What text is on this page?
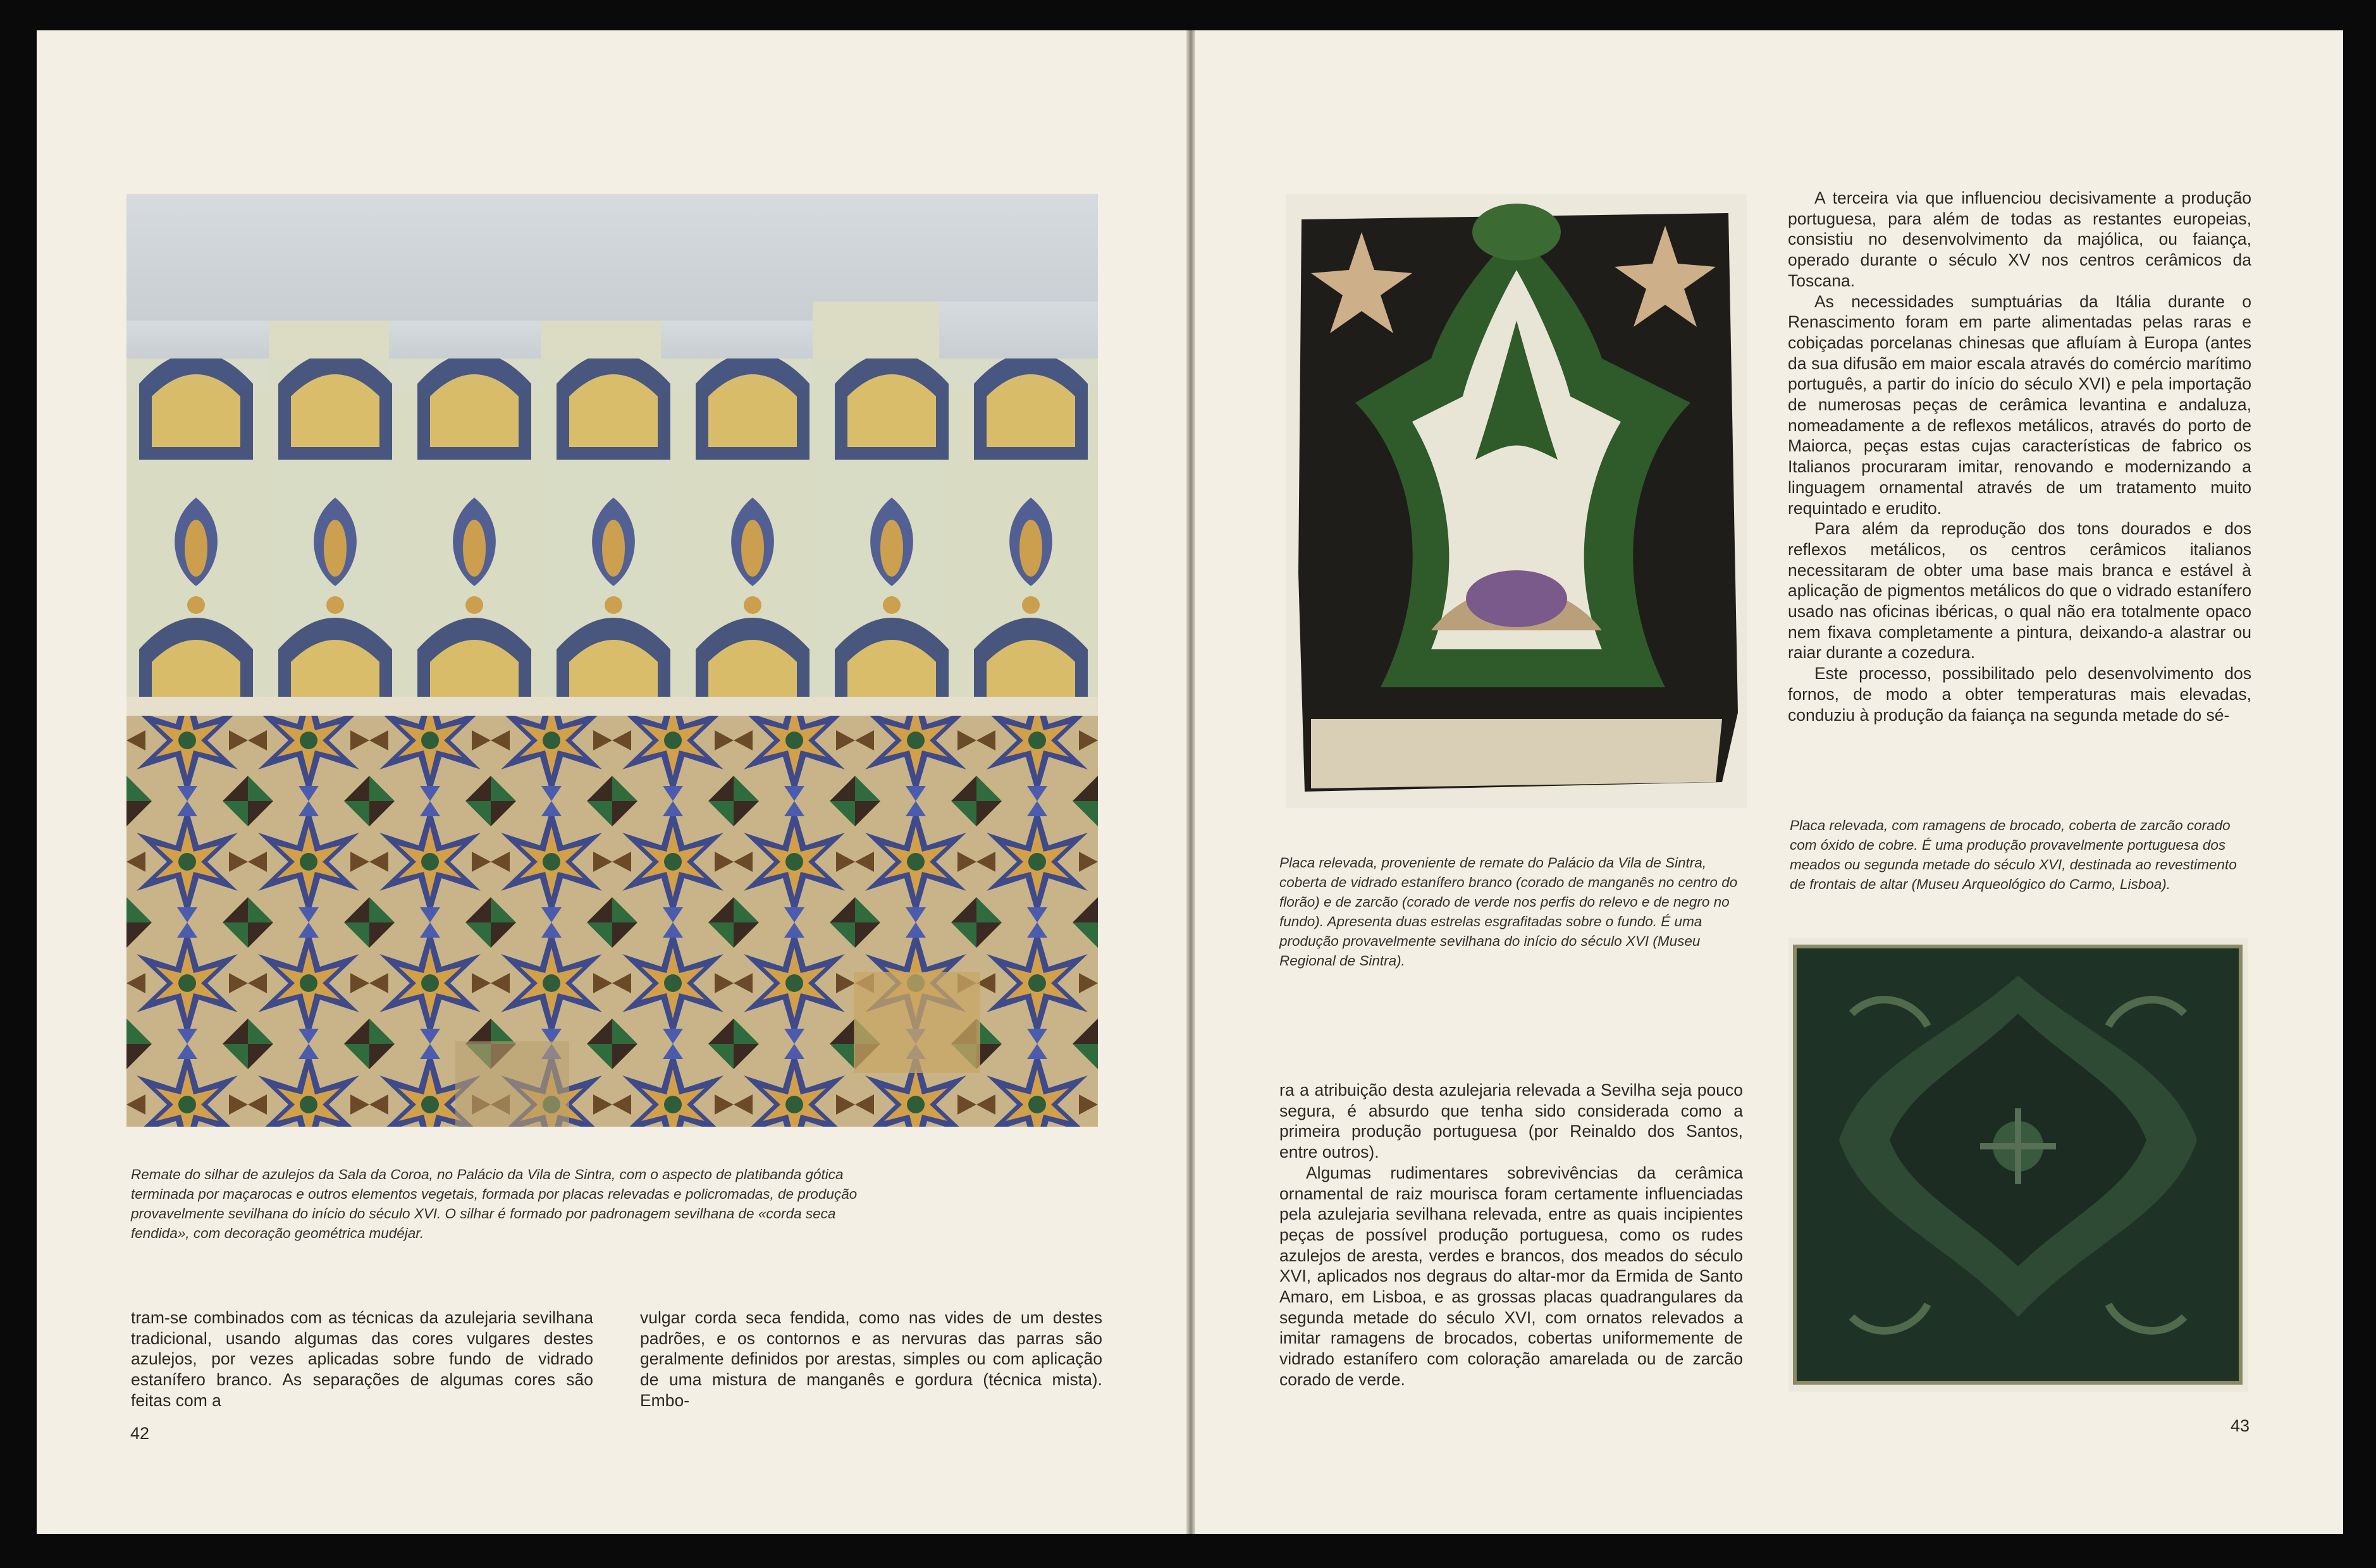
Remate do silhar de azulejos da Sala da Coroa, no Palácio da Vila de Sintra, com o aspecto de platibanda gótica terminada por maçarocas e outros elementos vegetais, formada por placas relevadas e policromadas, de produção provavelmente sevilhana do início do século XVI. O silhar é formado por padronagem sevilhana de «corda seca fendida», com decoração geométrica mudéjar.

tram-se combinados com as técnicas da azulejaria sevilhana tradicional, usando algumas das cores vulgares destes azulejos, por vezes aplicadas sobre fundo de vidrado estanífero branco. As separações de algumas cores são feitas com a

vulgar corda seca fendida, como nas vides de um destes padrões, e os contornos e as nervuras das parras são geralmente definidos por arestas, simples ou com aplicação de uma mistura de manganês e gordura (técnica mista). Embo-

42

Placa relevada, proveniente de remate do Palácio da Vila de Sintra, coberta de vidrado estanífero branco (corado de manganês no centro do florão) e de zarcão (corado de verde nos perfis do relevo e de negro no fundo). Apresenta duas estrelas esgrafitadas sobre o fundo. É uma produção provavelmente sevilhana do início do século XVI (Museu Regional de Sintra).

A terceira via que influenciou decisivamente a produção portuguesa, para além de todas as restantes europeias, consistiu no desenvolvimento da majólica, ou faiança, operado durante o século XV nos centros cerâmicos da Toscana.

As necessidades sumptuárias da Itália durante o Renascimento foram em parte alimentadas pelas raras e cobiçadas porcelanas chinesas que afluíam à Europa (antes da sua difusão em maior escala através do comércio marítimo português, a partir do início do século XVI) e pela importação de numerosas peças de cerâmica levantina e andaluza, nomeadamente a de reflexos metálicos, através do porto de Maiorca, peças estas cujas características de fabrico os Italianos procuraram imitar, renovando e modernizando a linguagem ornamental através de um tratamento muito requintado e erudito.

Para além da reprodução dos tons dourados e dos reflexos metálicos, os centros cerâmicos italianos necessitaram de obter uma base mais branca e estável à aplicação de pigmentos metálicos do que o vidrado estanífero usado nas oficinas ibéricas, o qual não era totalmente opaco nem fixava completamente a pintura, deixando-a alastrar ou raiar durante a cozedura.

Este processo, possibilitado pelo desenvolvimento dos fornos, de modo a obter temperaturas mais elevadas, conduziu à produção da faiança na segunda metade do sé-

Placa relevada, com ramagens de brocado, coberta de zarcão corado com óxido de cobre. É uma produção provavelmente portuguesa dos meados ou segunda metade do século XVI, destinada ao revestimento de frontais de altar (Museu Arqueológico do Carmo, Lisboa).

ra a atribuição desta azulejaria relevada a Sevilha seja pouco segura, é absurdo que tenha sido considerada como a primeira produção portuguesa (por Reinaldo dos Santos, entre outros).

Algumas rudimentares sobrevivências da cerâmica ornamental de raiz mourisca foram certamente influenciadas pela azulejaria sevilhana relevada, entre as quais incipientes peças de possível produção portuguesa, como os rudes azulejos de aresta, verdes e brancos, dos meados do século XVI, aplicados nos degraus do altar-mor da Ermida de Santo Amaro, em Lisboa, e as grossas placas quadrangulares da segunda metade do século XVI, com ornatos relevados a imitar ramagens de brocados, cobertas uniformemente de vidrado estanífero com coloração amarelada ou de zarcão corado de verde.

43
